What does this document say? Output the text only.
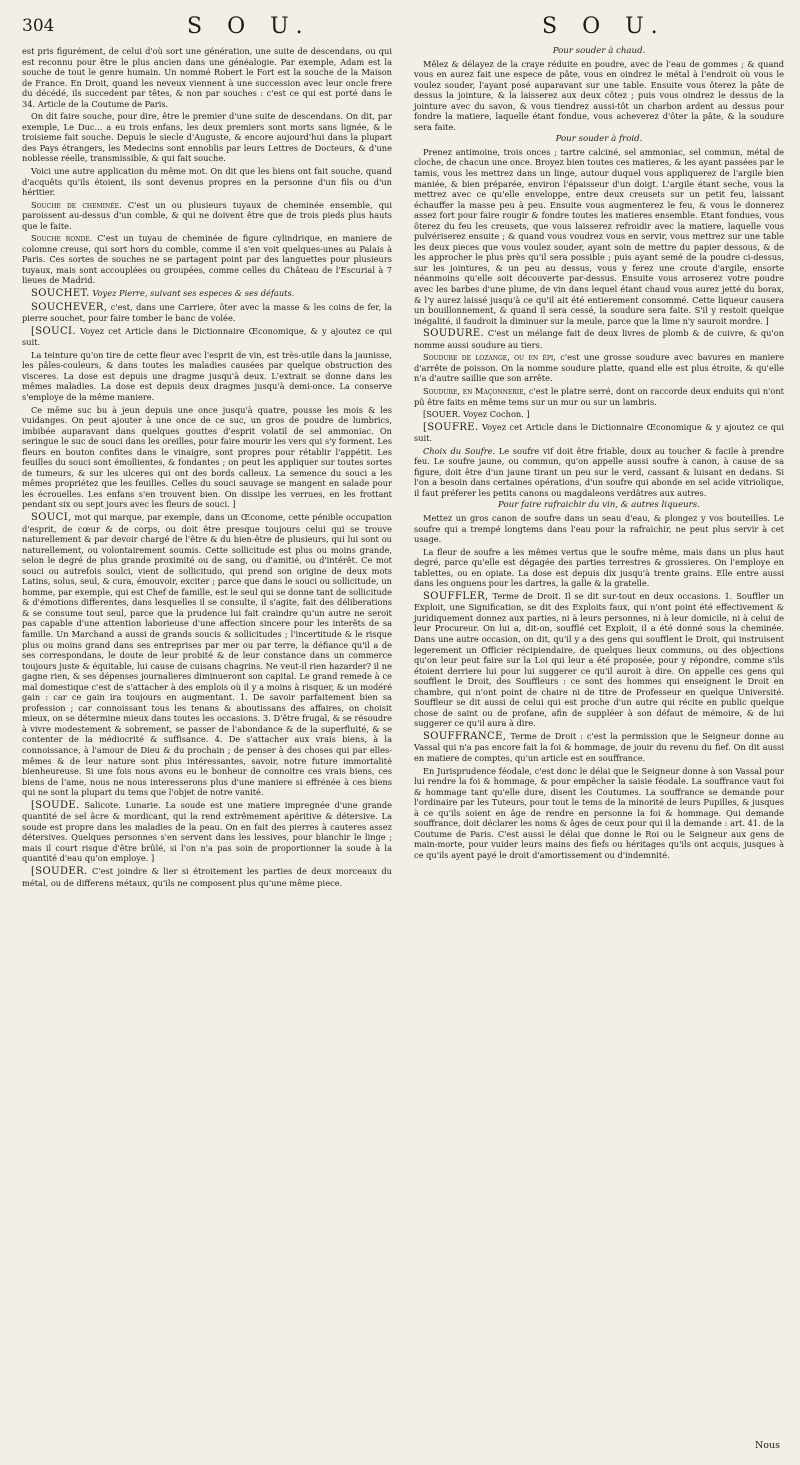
304	S O U.	S O U.

est pris figurément, de celui d'où sort une génération, une suite de descendans, ou qui est reconnu pour être le plus ancien dans une généalogie. Par exemple, Adam est la souche de tout le genre humain. Un nommé Robert le Fort est la souche de la Maison de France. En Droit, quand les neveux viennent à une succession avec leur oncle frere du décédé, ils succedent par têtes, & non par souches : c'est ce qui est porté dans le 34. Article de la Coutume de Paris.

On dit faire souche, pour dire, être le premier d'une suite de descendans. On dit, par exemple, Le Duc... a eu trois enfans, les deux premiers sont morts sans lignée, & le troisieme fait souche. Depuis le siecle d'Auguste, & encore aujourd'hui dans la plupart des Pays étrangers, les Medecins sont ennoblis par leurs Lettres de Docteurs, & d'une noblesse réelle, transmissible, & qui fait souche.

Voici une autre application du même mot. On dit que les biens ont fait souche, quand d'acquêts qu'ils étoient, ils sont devenus propres en la personne d'un fils ou d'un héritier.

Souche de cheminée. C'est un ou plusieurs tuyaux de cheminée ensemble, qui paroissent au-dessus d'un comble, & qui ne doivent être que de trois pieds plus hauts que le faite.

Souche ronde. C'est un tuyau de cheminée de figure cylindrique, en maniere de colomne creuse, qui sort hors du comble, comme il s'en voit quelques-unes au Palais à Paris. Ces sortes de souches ne se partagent point par des languettes pour plusieurs tuyaux, mais sont accouplées ou groupées, comme celles du Château de l'Escurial à 7 lieues de Madrid.

SOUCHET. Voyez Pierre, suivant ses especes & ses défauts.

SOUCHEVER, c'est, dans une Carriere, ôter avec la masse & les coins de fer, la pierre souchet, pour faire tomber le banc de volée.

[SOUCI. Voyez cet Article dans le Dictionnaire Œconomique, & y ajoutez ce qui suit.

La teinture qu'on tire de cette fleur avec l'esprit de vin, est très-utile dans la jaunisse, les pâles-couleurs, & dans toutes les maladies causées par quelque obstruction des visceres. La dose est depuis une dragme jusqu'à deux. L'extrait se donne dans les mêmes maladies. La dose est depuis deux dragmes jusqu'à demi-once. La conserve s'employe de la même maniere.

Ce même suc bu à jeun depuis une once jusqu'à quatre, pousse les mois & les vuidanges. On peut ajouter à une once de ce suc, un gros de poudre de lumbrics, imbibée auparavant dans quelques gouttes d'esprit volatil de sel ammoniac. On seringue le suc de souci dans les oreilles, pour faire mourir les vers qui s'y forment. Les fleurs en bouton confites dans le vinaigre, sont propres pour rétablir l'appétit. Les feuilles du souci sont émollientes, & fondantes ; on peut les appliquer sur toutes sortes de tumeurs, & sur les ulceres qui ont des bords calleux. La semence du souci a les mêmes propriétez que les feuilles. Celles du souci sauvage se mangent en salade pour les écrouelles. Les enfans s'en trouvent bien. On dissipe les verrues, en les frottant pendant six ou sept jours avec les fleurs de souci. ]

SOUCI, mot qui marque, par exemple, dans un Œconome, cette pénible occupation d'esprit, de cœur & de corps, ou doit être presque toujours celui qui se trouve naturellement & par devoir chargé de l'être & du bien-être de plusieurs, qui lui sont ou naturellement, ou volontairement soumis. Cette sollicitude est plus ou moins grande, selon le degré de plus grande proximité ou de sang, ou d'amitié, ou d'intérêt. Ce mot souci ou autrefois soulci, vient de sollicitudo, qui prend son origine de deux mots Latins, solus, seul, & cura, émouvoir, exciter ; parce que dans le souci ou sollicitude, un homme, par exemple, qui est Chef de famille, est le seul qui se donne tant de sollicitude & d'émotions differentes, dans lesquelles il se consulte, il s'agite, fait des déliberations & se consume tout seul, parce que la prudence lui fait craindre qu'un autre ne seroit pas capable d'une attention laborieuse d'une affection sincere pour les interêts de sa famille. Un Marchand a aussi de grands soucis & sollicitudes ; l'incertitude & le risque plus ou moins grand dans ses entreprises par mer ou par terre, la défiance qu'il a de ses correspondans, le doute de leur probité & de leur constance dans un commerce toujours juste & équitable, lui cause de cuisans chagrins. Ne veut-il rien hazarder? il ne gagne rien, & ses dépenses journalieres diminueront son capital. Le grand remede à ce mal domestique c'est de s'attacher à des emplois où il y a moins à risquer, & un modéré gain : car ce gain ira toujours en augmentant. 1. De savoir parfaitement bien sa profession ; car connoissant tous les tenans & aboutissans des affaires, on choisit mieux, on se détermine mieux dans toutes les occasions. 3. D'être frugal, & se résoudre à vivre modestement & sobrement, se passer de l'abondance & de la superfluité, & se contenter de la médiocrité & suffisance. 4. De s'attacher aux vrais biens, à la connoissance, à l'amour de Dieu & du prochain ; de penser à des choses qui par elles-mêmes & de leur nature sont plus intéressantes, savoir, notre future immortalité bienheureuse. Si une fois nous avons eu le bonheur de connoitre ces vrais biens, ces biens de l'ame, nous ne nous interesserons plus d'une maniere si effrénée à ces biens qui ne sont la plupart du tems que l'objet de notre vanité.

[SOUDE. Salicote. Lunarie. La soude est une matiere impregnée d'une grande quantité de sel âcre & mordicant, qui la rend extrêmement apéritive & détersive. La soude est propre dans les maladies de la peau. On en fait des pierres à cauteres assez détersives. Quelques personnes s'en servent dans les lessives, pour blanchir le linge ; mais il court risque d'être brûlé, si l'on n'a pas soin de proportionner la soude à la quantité d'eau qu'on employe. ]

[SOUDER. C'est joindre & lier si étroitement les parties de deux morceaux du métal, ou de differens métaux, qu'ils ne composent plus qu'une même piece.

Pour souder à chaud.

Mêlez & délayez de la craye réduite en poudre, avec de l'eau de gommes ; & quand vous en aurez fait une espece de pâte, vous en oindrez le métal à l'endroit où vous le voulez souder, l'ayant posé auparavant sur une table. Ensuite vous ôterez la pâte de dessus la jointure, & la laisserez aux deux côtez ; puis vous oindrez le dessus de la jointure avec du savon, & vous tiendrez aussi-tôt un charbon ardent au dessus pour fondre la matiere, laquelle étant fondue, vous acheverez d'ôter la pâte, & la soudure sera faite.

Pour souder à froid.

Prenez antimoine, trois onces ; tartre calciné, sel ammoniac, sel commun, métal de cloche, de chacun une once. Broyez bien toutes ces matieres, & les ayant passées par le tamis, vous les mettrez dans un linge, autour duquel vous appliquerez de l'argile bien maniée, & bien préparée, environ l'épaisseur d'un doigt. L'argile étant seche, vous la mettrez avec ce qu'elle enveloppe, entre deux creusets sur un petit feu, laissant échauffer la masse peu à peu. Ensuite vous augmenterez le feu, & vous le donnerez assez fort pour faire rougir & fondre toutes les matieres ensemble. Etant fondues, vous ôterez du feu les creusets, que vous laisserez refroidir avec la matiere, laquelle vous pulvériserez ensuite ; & quand vous voudrez vous en servir, vous mettrez sur une table les deux pieces que vous voulez souder, ayant soin de mettre du papier dessous, & de les approcher le plus près qu'il sera possible ; puis ayant semé de la poudre ci-dessus, sur les jointures, & un peu au dessus, vous y ferez une croute d'argile, ensorte néanmoins qu'elle soit découverte par-dessus. Ensuite vous arroserez votre poudre avec les barbes d'une plume, de vin dans lequel étant chaud vous aurez jetté du borax, & l'y aurez laissé jusqu'à ce qu'il ait été entierement consommé. Cette liqueur causera un bouillonnement, & quand il sera cessé, la soudure sera faite. S'il y restoit quelque inégalité, il faudroit la diminuer sur la meule, parce que la lime n'y sauroit mordre. ]

SOUDURE. C'est un mélange fait de deux livres de plomb & de cuivre, & qu'on nomme aussi soudure au tiers.

Soudure de lozange, ou en épi, c'est une grosse soudure avec bavures en maniere d'arrête de poisson. On la nomme soudure platte, quand elle est plus étroite, & qu'elle n'a d'autre saillie que son arrête.

Soudure, en Maçonnerie, c'est le platre serré, dont on raccorde deux enduits qui n'ont pû être faits en même tems sur un mur ou sur un lambris.

[SOUER. Voyez Cochon. ]

[SOUFRE. Voyez cet Article dans le Dictionnaire Œconomique & y ajoutez ce qui suit.

Choix du Soufre. Le soufre vif doit être friable, doux au toucher & facile à prendre feu. Le soufre jaune, ou commun, qu'on appelle aussi soufre à canon, à cause de sa figure, doit être d'un jaune tirant un peu sur le verd, cassant & luisant en dedans. Si l'on a besoin dans certaines opérations, d'un soufre qui abonde en sel acide vitriolique, il faut préferer les petits canons ou magdaleons verdâtres aux autres.

Pour faire rafraichir du vin, & autres liqueurs.

Mettez un gros canon de soufre dans un seau d'eau, & plongez y vos bouteilles. Le soufre qui a trempé longtems dans l'eau pour la rafraichir, ne peut plus servir à cet usage.

La fleur de soufre a les mêmes vertus que le soufre même, mais dans un plus haut degré, parce qu'elle est dégagée des parties terrestres & grossieres. On l'employe en tablettes, ou en opiate. La dose est depuis dix jusqu'à trente grains. Elle entre aussi dans les onguens pour les dartres, la galle & la gratelle.

SOUFFLER, Terme de Droit. Il se dit sur-tout en deux occasions. 1. Souffler un Exploit, une Signification, se dit des Exploits faux, qui n'ont point été effectivement & juridiquement donnez aux parties, ni à leurs personnes, ni à leur domicile, ni à celui de leur Procureur. On lui a, dit-on, soufflé cet Exploit, il a été donné sous la cheminée. Dans une autre occasion, on dit, qu'il y a des gens qui soufflent le Droit, qui instruisent legerement un Officier récipiendaire, de quelques lieux communs, ou des objections qu'on leur peut faire sur la Loi qui leur a été proposée, pour y répondre, comme s'ils étoient derriere lui pour lui suggerer ce qu'il auroit à dire. On appelle ces gens qui soufflent le Droit, des Souffleurs : ce sont des hommes qui enseignent le Droit en chambre, qui n'ont point de chaire ni de titre de Professeur en quelque Université. Souffleur se dit aussi de celui qui est proche d'un autre qui récite en public quelque chose de saint ou de profane, afin de suppléer à son défaut de mémoire, & de lui suggerer ce qu'il aura à dire.

SOUFFRANCE, Terme de Droit : c'est la permission que le Seigneur donne au Vassal qui n'a pas encore fait la foi & hommage, de jouir du revenu du fief. On dit aussi en matiere de comptes, qu'un article est en souffrance.

En Jurisprudence féodale, c'est donc le délai que le Seigneur donne à son Vassal pour lui rendre la foi & hommage, & pour empêcher la saisie féodale. La souffrance vaut foi & hommage tant qu'elle dure, disent les Coutumes. La souffrance se demande pour l'ordinaire par les Tuteurs, pour tout le tems de la minorité de leurs Pupilles, & jusques à ce qu'ils soient en âge de rendre en personne la foi & hommage. Qui demande souffrance, doit déclarer les noms & âges de ceux pour qui il la demande : art. 41. de la Coutume de Paris. C'est aussi le délai que donne le Roi ou le Seigneur aux gens de main-morte, pour vuider leurs mains des fiefs ou héritages qu'ils ont acquis, jusques à ce qu'ils ayent payé le droit d'amortissement ou d'indemnité.

Nous
